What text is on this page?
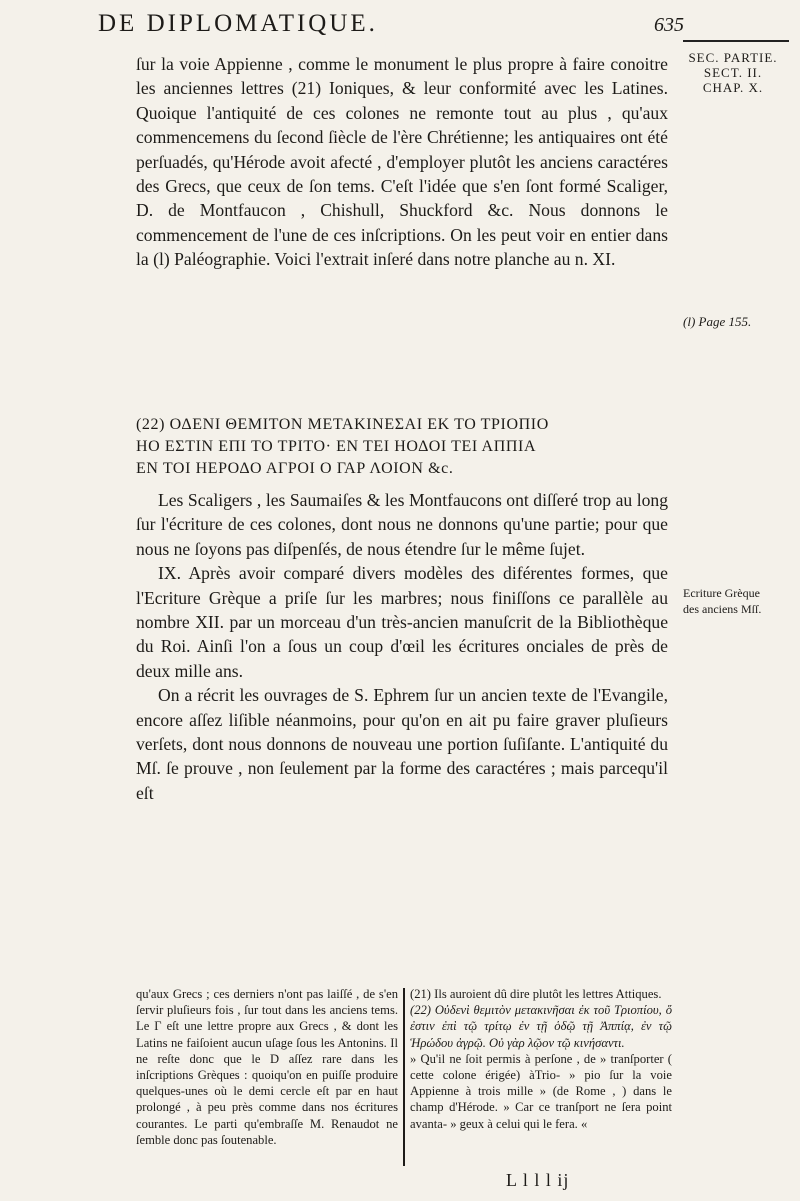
DE DIPLOMATIQUE.	635
SEC. PARTIE.
SECT. II.
CHAP. X.
(l) Page 155.
Ecriture Grèque
des anciens Mſſ.

ſur la voie Appienne , comme le monument le plus propre à faire conoitre les anciennes lettres (21) Ioniques, & leur conformité avec les Latines. Quoique l'antiquité de ces colones ne remonte tout au plus , qu'aux commencemens du ſecond ſiècle de l'ère Chrétienne; les antiquaires ont été perſuadés, qu'Hérode avoit afecté , d'employer plutôt les anciens caractéres des Grecs, que ceux de ſon tems. C'eſt l'idée que s'en ſont formé Scaliger, D. de Montfaucon , Chishull, Shuckford &c. Nous donnons le commencement de l'une de ces inſcriptions. On les peut voir en entier dans la (l) Paléographie. Voici l'extrait inſeré dans notre planche au n. XI.

(22) ΟΔΕΝΙ ΘΕΜΙΤΟΝ ΜΕΤΑΚΙΝΕΣΑΙ ΕΚ ΤΟ ΤΡΙΟΠΙΟ
ΗΟ ΕΣΤΙΝ ΕΠΙ ΤΟ ΤΡΙΤΟ· ΕΝ ΤΕΙ ΗΟΔΟΙ ΤΕΙ ΑΠΠΙΑ
ΕΝ ΤΟΙ ΗΕΡΟΔΟ ΑΓΡΟΙ Ο ΓΑΡ ΛΟΙΟΝ &c.

Les Scaligers , les Saumaiſes & les Montfaucons ont diſſeré trop au long ſur l'écriture de ces colones, dont nous ne donnons qu'une partie; pour que nous ne ſoyons pas diſpenſés, de nous étendre ſur le même ſujet.

IX. Après avoir comparé divers modèles des diférentes formes, que l'Ecriture Grèque a priſe ſur les marbres; nous finiſſons ce parallèle au nombre XII. par un morceau d'un très-ancien manuſcrit de la Bibliothèque du Roi. Ainſi l'on a ſous un coup d'œil les écritures onciales de près de deux mille ans.

On a récrit les ouvrages de S. Ephrem ſur un ancien texte de l'Evangile, encore aſſez liſible néanmoins, pour qu'on en ait pu faire graver pluſieurs verſets, dont nous donnons de nouveau une portion ſuſiſante. L'antiquité du Mſ. ſe prouve , non ſeulement par la forme des caractéres ; mais parcequ'il eſt

qu'aux Grecs ; ces derniers n'ont pas laiſſé , de s'en ſervir pluſieurs fois , ſur tout dans les anciens tems. Le Γ eſt une lettre propre aux Grecs , & dont les Latins ne faiſoient aucun uſage ſous les Antonins. Il ne reſte donc que le D aſſez rare dans les inſcriptions Grèques : quoiqu'on en puiſſe produire quelques-unes où le demi cercle eſt par en haut prolongé , à peu près comme dans nos écritures courantes. Le parti qu'embraſſe M. Renaudot ne ſemble donc pas ſoutenable.

(21) Ils auroient dû dire plutôt les lettres Attiques.

(22) Οὐδενὶ θεμιτὸν μετακινῆσαι ἐκ τοῦ Τριοπίου, ὅ ἐστιν ἐπὶ τῷ τρίτῳ ἐν τῇ ὁδῷ τῇ Ἀππίᾳ, ἐν τῷ Ἡρώδου ἀγρῷ. Οὐ γὰρ λῷον τῷ κινήσαντι.

» Qu'il ne ſoit permis à perſone , de » tranſporter ( cette colone érigée) àTrio- » pio ſur la voie Appienne à trois mille » (de Rome , ) dans le champ d'Hérode. » Car ce tranſport ne ſera point avanta- » geux à celui qui le fera. «

L l l l ij
